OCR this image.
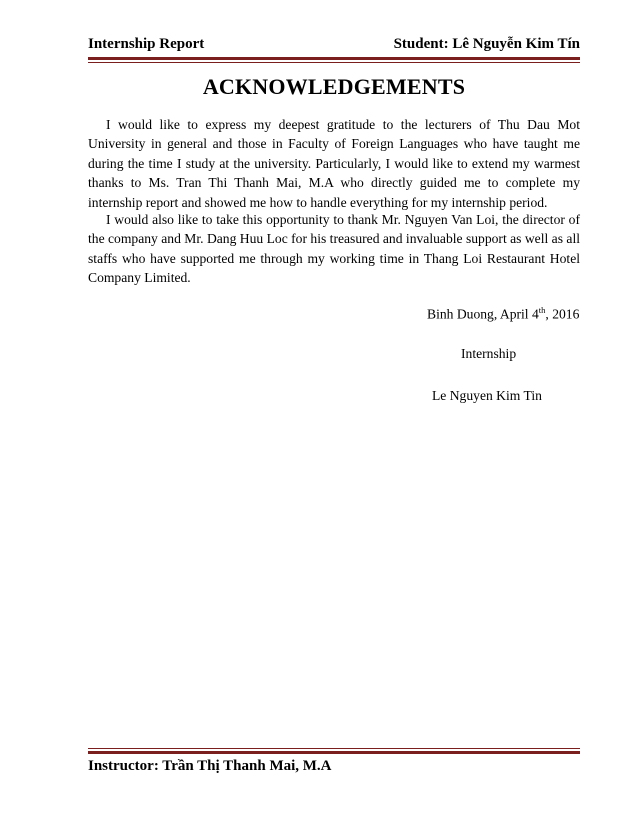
Internship Report	Student: Lê Nguyễn Kim Tín
ACKNOWLEDGEMENTS

I would like to express my deepest gratitude to the lecturers of Thu Dau Mot University in general and those in Faculty of Foreign Languages who have taught me during the time I study at the university. Particularly, I would like to extend my warmest thanks to Ms. Tran Thi Thanh Mai, M.A who directly guided me to complete my internship report and showed me how to handle everything for my internship period.

I would also like to take this opportunity to thank Mr. Nguyen Van Loi, the director of the company and Mr. Dang Huu Loc for his treasured and invaluable support as well as all staffs who have supported me through my working time in Thang Loi Restaurant Hotel Company Limited.

Binh Duong, April 4th, 2016
Internship
Le Nguyen Kim Tin
Instructor: Trần Thị Thanh Mai, M.A
